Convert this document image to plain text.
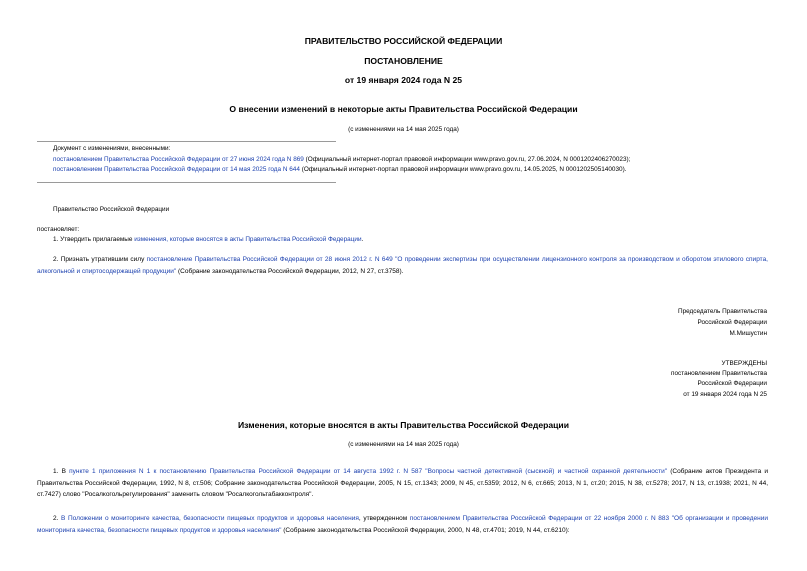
ПРАВИТЕЛЬСТВО РОССИЙСКОЙ ФЕДЕРАЦИИ
ПОСТАНОВЛЕНИЕ
от 19 января 2024 года N 25
О внесении изменений в некоторые акты Правительства Российской Федерации
(с изменениями на 14 мая 2025 года)
Документ с изменениями, внесенными:
постановлением Правительства Российской Федерации от 27 июня 2024 года N 869 (Официальный интернет-портал правовой информации www.pravo.gov.ru, 27.06.2024, N 0001202406270023);
постановлением Правительства Российской Федерации от 14 мая 2025 года N 644 (Официальный интернет-портал правовой информации www.pravo.gov.ru, 14.05.2025, N 0001202505140030).
Правительство Российской Федерации
постановляет:
1. Утвердить прилагаемые изменения, которые вносятся в акты Правительства Российской Федерации.
2. Признать утратившим силу постановление Правительства Российской Федерации от 28 июня 2012 г. N 649 "О проведении экспертизы при осуществлении лицензионного контроля за производством и оборотом этилового спирта, алкогольной и спиртосодержащей продукции" (Собрание законодательства Российской Федерации, 2012, N 27, ст.3758).
Председатель Правительства
Российской Федерации
М.Мишустин
УТВЕРЖДЕНЫ
постановлением Правительства
Российской Федерации
от 19 января 2024 года N 25
Изменения, которые вносятся в акты Правительства Российской Федерации
(с изменениями на 14 мая 2025 года)
1. В пункте 1 приложения N 1 к постановлению Правительства Российской Федерации от 14 августа 1992 г. N 587 "Вопросы частной детективной (сыскной) и частной охранной деятельности" (Собрание актов Президента и Правительства Российской Федерации, 1992, N 8, ст.506; Собрание законодательства Российской Федерации, 2005, N 15, ст.1343; 2009, N 45, ст.5359; 2012, N 6, ст.665; 2013, N 1, ст.20; 2015, N 38, ст.5278; 2017, N 13, ст.1938; 2021, N 44, ст.7427) слово "Росалкогольрегулирования" заменить словом "Росалкогольтабакконтроля".
2. В Положении о мониторинге качества, безопасности пищевых продуктов и здоровья населения, утвержденном постановлением Правительства Российской Федерации от 22 ноября 2000 г. N 883 "Об организации и проведении мониторинга качества, безопасности пищевых продуктов и здоровья населения" (Собрание законодательства Российской Федерации, 2000, N 48, ст.4701; 2019, N 44, ст.6210):
